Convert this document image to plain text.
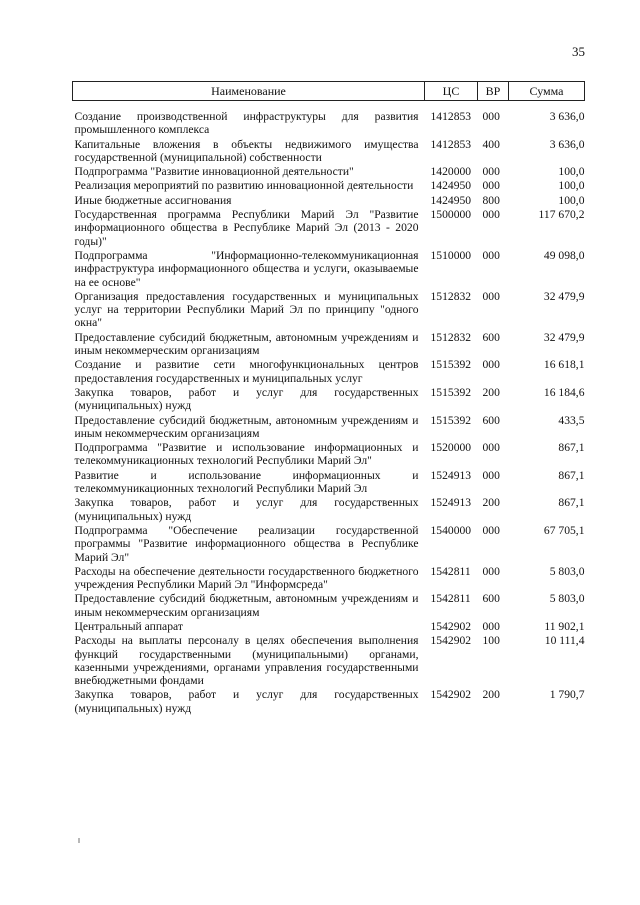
35
Наименование	ЦС	ВР	Сумма
Создание производственной инфраструктуры для развития промышленного комплекса	1412853	000	3 636,0
Капитальные вложения в объекты недвижимого имущества государственной (муниципальной) собственности	1412853	400	3 636,0
Подпрограмма "Развитие инновационной деятельности"	1420000	000	100,0
Реализация мероприятий по развитию инновационной деятельности	1424950	000	100,0
Иные бюджетные ассигнования	1424950	800	100,0
Государственная программа Республики Марий Эл "Развитие информационного общества в Республике Марий Эл (2013 - 2020 годы)"	1500000	000	117 670,2
Подпрограмма "Информационно-телекоммуникационная инфраструктура информационного общества и услуги, оказываемые на ее основе"	1510000	000	49 098,0
Организация предоставления государственных и муниципальных услуг на территории Республики Марий Эл по принципу "одного окна"	1512832	000	32 479,9
Предоставление субсидий бюджетным, автономным учреждениям и иным некоммерческим организациям	1512832	600	32 479,9
Создание и развитие сети многофункциональных центров предоставления государственных и муниципальных услуг	1515392	000	16 618,1
Закупка товаров, работ и услуг для государственных (муниципальных) нужд	1515392	200	16 184,6
Предоставление субсидий бюджетным, автономным учреждениям и иным некоммерческим организациям	1515392	600	433,5
Подпрограмма "Развитие и использование информационных и телекоммуникационных технологий Республики Марий Эл"	1520000	000	867,1
Развитие и использование информационных и телекоммуникационных технологий Республики Марий Эл	1524913	000	867,1
Закупка товаров, работ и услуг для государственных (муниципальных) нужд	1524913	200	867,1
Подпрограмма "Обеспечение реализации государственной программы "Развитие информационного общества в Республике Марий Эл"	1540000	000	67 705,1
Расходы на обеспечение деятельности государственного бюджетного учреждения Республики Марий Эл "Информсреда"	1542811	000	5 803,0
Предоставление субсидий бюджетным, автономным учреждениям и иным некоммерческим организациям	1542811	600	5 803,0
Центральный аппарат	1542902	000	11 902,1
Расходы на выплаты персоналу в целях обеспечения выполнения функций государственными (муниципальными) органами, казенными учреждениями, органами управления государственными внебюджетными фондами	1542902	100	10 111,4
Закупка товаров, работ и услуг для государственных (муниципальных) нужд	1542902	200	1 790,7
